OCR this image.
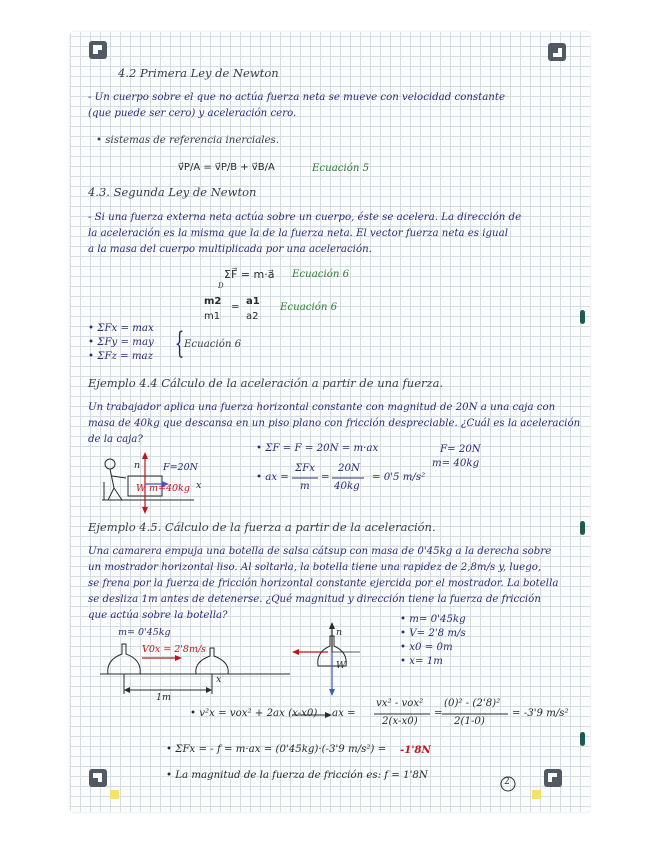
4.2 Primera Ley de Newton
- Un cuerpo sobre el que no actúa fuerza neta se mueve con velocidad constante
(que puede ser cero) y aceleración cero.
• sistemas de referencia inerciales.
v⃗P/A = v⃗P/B + v⃗B/A	Ecuación 5
4.3. Segunda Ley de Newton
- Si una fuerza externa neta actúa sobre un cuerpo, éste se acelera. La dirección de
la aceleración es la misma que la de la fuerza neta. El vector fuerza neta es igual
a la masa del cuerpo multiplicada por una aceleración.
ΣF⃗ = m·a⃗
D
Ecuación 6
m2
m1
=
a1
a2
Ecuación 6
• ΣFx = max
• ΣFy = may
• ΣFz = maz { Ecuación 6
Ejemplo 4.4 Cálculo de la aceleración a partir de una fuerza.
Un trabajador aplica una fuerza horizontal constante con magnitud de 20N a una caja con
masa de 40kg que descansa en un piso plano con fricción despreciable. ¿Cuál es la aceleración
de la caja?
n F=20N
W m=40kg x
• ΣF = F = 20N = m·ax
• ax =
ΣFx
m
=
20N
40kg
= 0'5 m/s²
F= 20N
m= 40kg
Ejemplo 4.5. Cálculo de la fuerza a partir de la aceleración.
Una camarera empuja una botella de salsa cátsup con masa de 0'45kg a la derecha sobre
un mostrador horizontal liso. Al soltarla, la botella tiene una rapidez de 2,8m/s y, luego,
se frena por la fuerza de fricción horizontal constante ejercida por el mostrador. La botella
se desliza 1m antes de detenerse. ¿Qué magnitud y dirección tiene la fuerza de fricción
que actúa sobre la botella?
m= 0'45kg
V0x = 2'8m/s
x
1m
n
W
• m= 0'45kg
• V= 2'8 m/s
• x0 = 0m
• x= 1m
• v²x = vox² + 2ax (x-x0) ax =
vx² - vox²
2(x-x0)
=
(0)² - (2'8)²
2(1-0)
= -3'9 m/s²
• ΣFx = - f = m·ax = (0'45kg)·(-3'9 m/s²) = -1'8N
• La magnitud de la fuerza de fricción es: f = 1'8N
2
